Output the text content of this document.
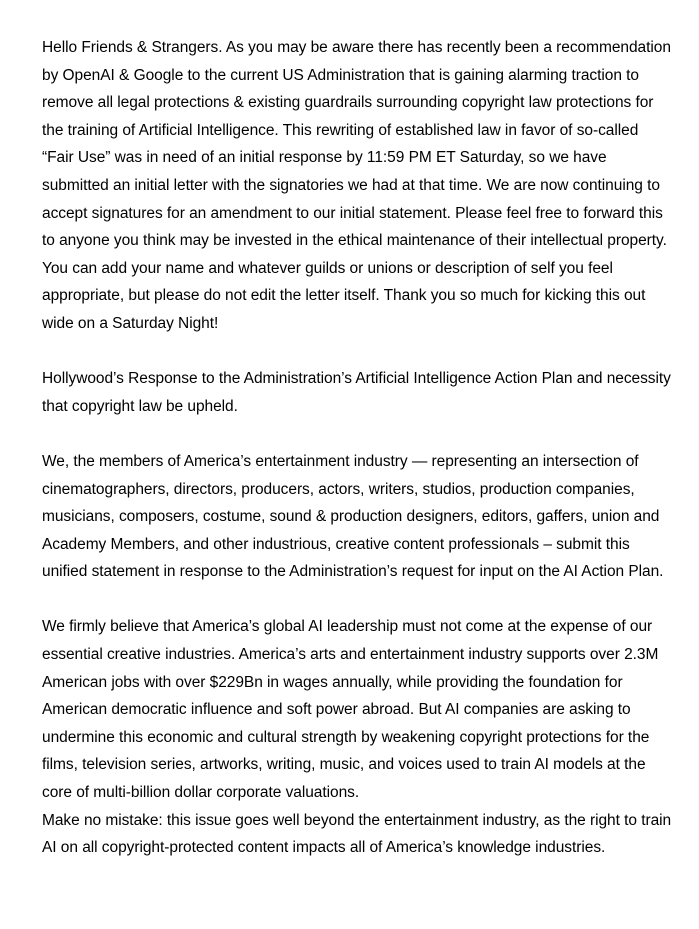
Hello Friends & Strangers. As you may be aware there has recently been a recommendation by OpenAI & Google to the current US Administration that is gaining alarming traction to remove all legal protections & existing guardrails surrounding copyright law protections for the training of Artificial Intelligence. This rewriting of established law in favor of so-called “Fair Use” was in need of an initial response by 11:59 PM ET Saturday, so we have submitted an initial letter with the signatories we had at that time. We are now continuing to accept signatures for an amendment to our initial statement. Please feel free to forward this to anyone you think may be invested in the ethical maintenance of their intellectual property. You can add your name and whatever guilds or unions or description of self you feel appropriate, but please do not edit the letter itself. Thank you so much for kicking this out wide on a Saturday Night!

Hollywood’s Response to the Administration’s Artificial Intelligence Action Plan and necessity that copyright law be upheld.

We, the members of America’s entertainment industry — representing an intersection of cinematographers, directors, producers, actors, writers, studios, production companies, musicians, composers, costume, sound & production designers, editors, gaffers, union and Academy Members, and other industrious, creative content professionals – submit this unified statement in response to the Administration’s request for input on the AI Action Plan.

We firmly believe that America’s global AI leadership must not come at the expense of our essential creative industries. America’s arts and entertainment industry supports over 2.3M American jobs with over $229Bn in wages annually, while providing the foundation for American democratic influence and soft power abroad. But AI companies are asking to undermine this economic and cultural strength by weakening copyright protections for the films, television series, artworks, writing, music, and voices used to train AI models at the core of multi-billion dollar corporate valuations.

Make no mistake: this issue goes well beyond the entertainment industry, as the right to train AI on all copyright-protected content impacts all of America’s knowledge industries.
